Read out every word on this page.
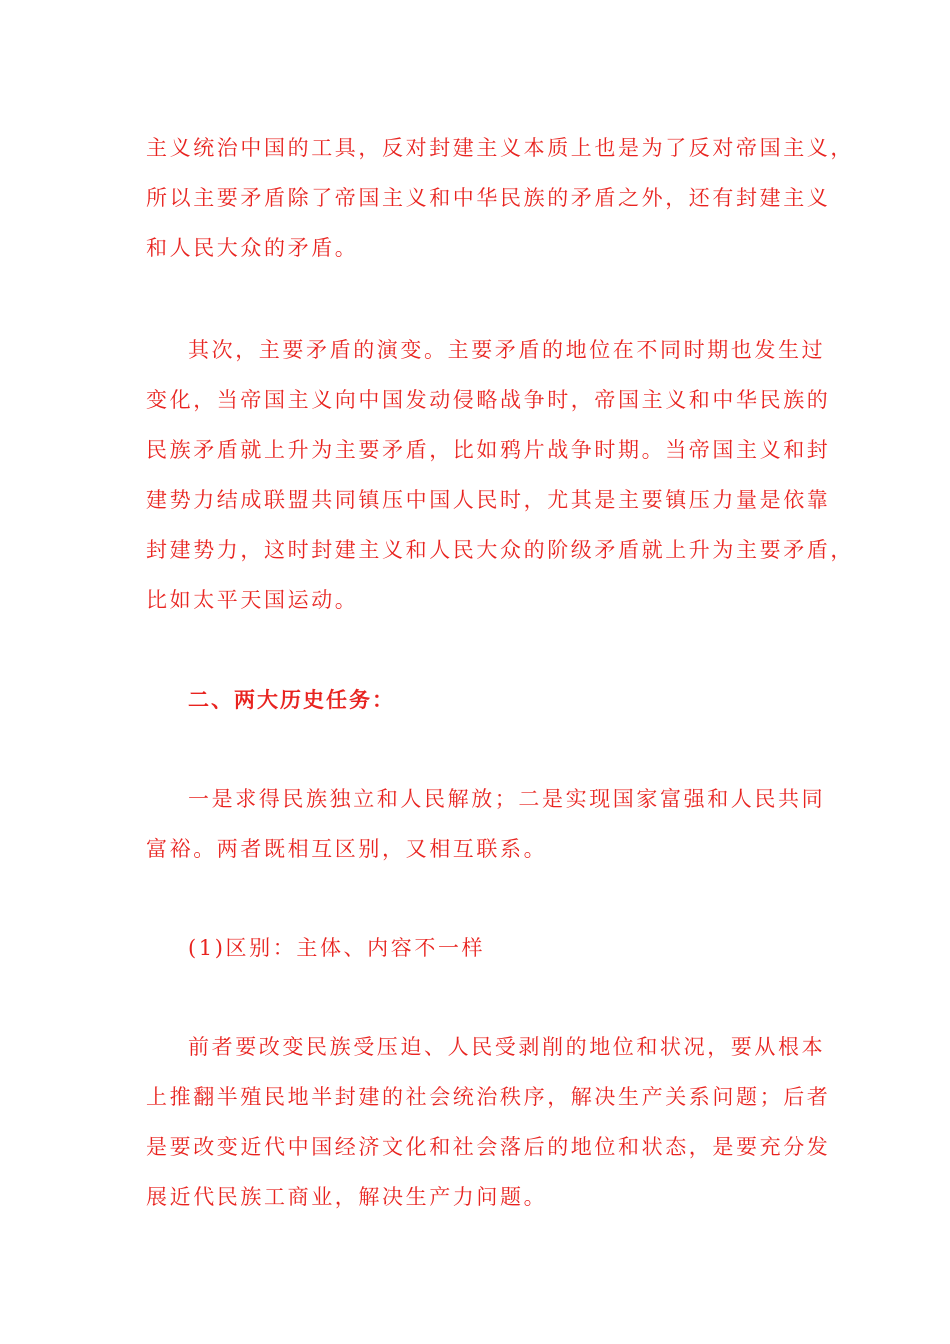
主义统治中国的工具，反对封建主义本质上也是为了反对帝国主义，
所以主要矛盾除了帝国主义和中华民族的矛盾之外，还有封建主义
和人民大众的矛盾。

其次，主要矛盾的演变。主要矛盾的地位在不同时期也发生过
变化，当帝国主义向中国发动侵略战争时，帝国主义和中华民族的
民族矛盾就上升为主要矛盾，比如鸦片战争时期。当帝国主义和封
建势力结成联盟共同镇压中国人民时，尤其是主要镇压力量是依靠
封建势力，这时封建主义和人民大众的阶级矛盾就上升为主要矛盾，
比如太平天国运动。

二、两大历史任务：

一是求得民族独立和人民解放；二是实现国家富强和人民共同
富裕。两者既相互区别，又相互联系。

(1)区别：主体、内容不一样

前者要改变民族受压迫、人民受剥削的地位和状况，要从根本
上推翻半殖民地半封建的社会统治秩序，解决生产关系问题；后者
是要改变近代中国经济文化和社会落后的地位和状态，是要充分发
展近代民族工商业，解决生产力问题。
